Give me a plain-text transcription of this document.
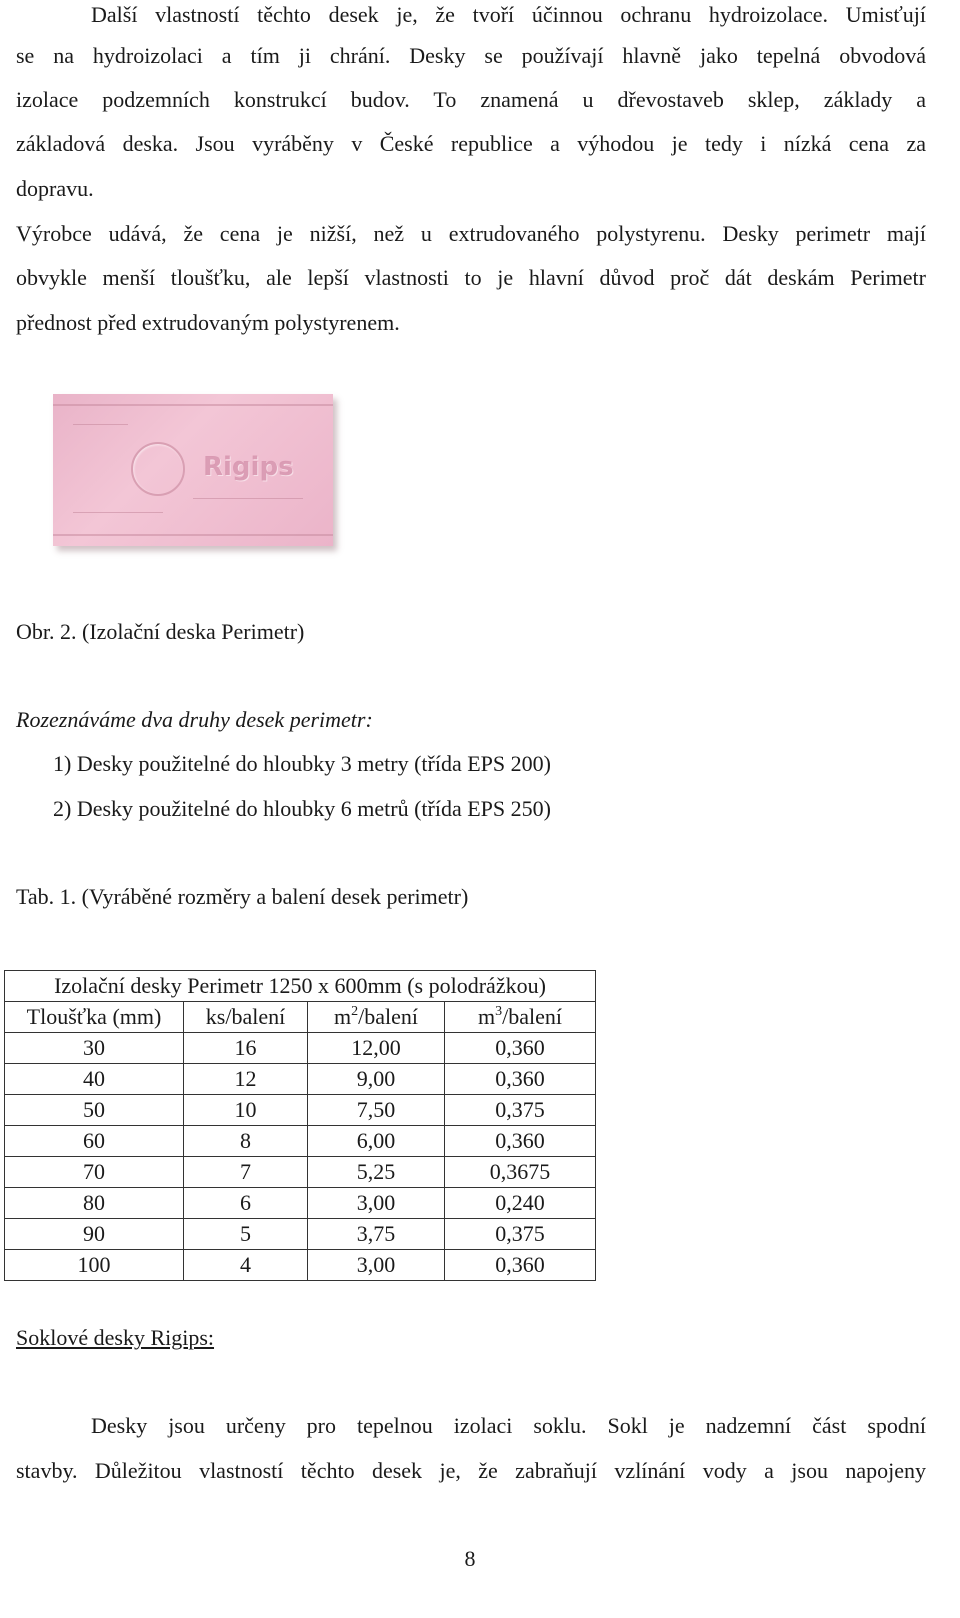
Další vlastností těchto desek je, že tvoří účinnou ochranu hydroizolace. Umisťují
se na hydroizolaci a tím ji chrání. Desky se používají hlavně jako tepelná obvodová
izolace podzemních konstrukcí budov. To znamená u dřevostaveb sklep, základy a
základová deska. Jsou vyráběny v České republice a výhodou je tedy i nízká cena za
dopravu.
Výrobce udává, že cena je nižší, než u extrudovaného polystyrenu. Desky perimetr mají
obvykle menší tloušťku, ale lepší vlastnosti to je hlavní důvod proč dát deskám Perimetr
přednost před extrudovaným polystyrenem.
Rigips
Obr. 2. (Izolační deska Perimetr)
Rozeznáváme dva druhy desek perimetr:
1) Desky použitelné do hloubky 3 metry (třída EPS 200)
2) Desky použitelné do hloubky 6 metrů (třída EPS 250)
Tab. 1. (Vyráběné rozměry a balení desek perimetr)
Izolační desky Perimetr 1250 x 600mm (s polodrážkou)			
Tloušťka (mm)	ks/balení	$m^2$/balení	$m^3$/balení
30	16	12,00	0,360
40	12	9,00	0,360
50	10	7,50	0,375
60	8	6,00	0,360
70	7	5,25	0,3675
80	6	3,00	0,240
90	5	3,75	0,375
100	4	3,00	0,360
Soklové desky Rigips:
Desky jsou určeny pro tepelnou izolaci soklu. Sokl je nadzemní část spodní
stavby. Důležitou vlastností těchto desek je, že zabraňují vzlínání vody a jsou napojeny
8
